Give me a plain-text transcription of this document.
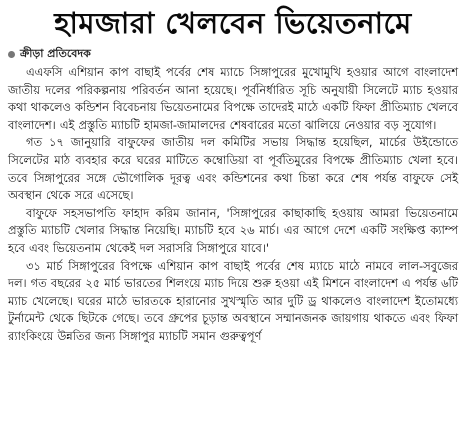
হামজারা খেলবেন ভিয়েতনামে
ক্রীড়া প্রতিবেদক

এএফসি এশিয়ান কাপ বাছাই পর্বের শেষ ম্যাচে সিঙ্গাপুরের মুখোমুখি হওয়ার আগে বাংলাদেশ জাতীয় দলের পরিকল্পনায় পরিবর্তন আনা হয়েছে। পূর্বনির্ধারিত সূচি অনুযায়ী সিলেটে ম্যাচ হওয়ার কথা থাকলেও কন্ডিশন বিবেচনায় ভিয়েতনামের বিপক্ষে তাদেরই মাঠে একটি ফিফা প্রীতিম্যাচ খেলবে বাংলাদেশ। এই প্রস্তুতি ম্যাচটি হামজা-জামালদের শেষবারের মতো ঝালিয়ে নেওয়ার বড় সুযোগ।

গত ১৭ জানুয়ারি বাফুফের জাতীয় দল কমিটির সভায় সিদ্ধান্ত হয়েছিল, মার্চের উইন্ডোতে সিলেটের মাঠ ব্যবহার করে ঘরের মাটিতে কম্বোডিয়া বা পূর্বতিমুরের বিপক্ষে প্রীতিম্যাচ খেলা হবে। তবে সিঙ্গাপুরের সঙ্গে ভৌগোলিক দূরত্ব এবং কন্ডিশনের কথা চিন্তা করে শেষ পর্যন্ত বাফুফে সেই অবস্থান থেকে সরে এসেছে।

বাফুফে সহসভাপতি ফাহাদ করিম জানান, 'সিঙ্গাপুরের কাছাকাছি হওয়ায় আমরা ভিয়েতনামে প্রস্তুতি ম্যাচটি খেলার সিদ্ধান্ত নিয়েছি। ম্যাচটি হবে ২৬ মার্চ। এর আগে দেশে একটি সংক্ষিপ্ত ক্যাম্প হবে এবং ভিয়েতনাম থেকেই দল সরাসরি সিঙ্গাপুরে যাবে।'

৩১ মার্চ সিঙ্গাপুরের বিপক্ষে এশিয়ান কাপ বাছাই পর্বের শেষ ম্যাচে মাঠে নামবে লাল-সবুজের দল। গত বছরের ২৫ মার্চ ভারতের শিলংয়ে ম্যাচ দিয়ে শুরু হওয়া এই মিশনে বাংলাদেশ এ পর্যন্ত ৬টি ম্যাচ খেলেছে। ঘরের মাঠে ভারতকে হারানোর সুখস্মৃতি আর দুটি ড্র থাকলেও বাংলাদেশ ইতোমধ্যে টুর্নামেন্ট থেকে ছিটকে গেছে। তবে গ্রুপের চূড়ান্ত অবস্থানে সম্মানজনক জায়গায় থাকতে এবং ফিফা র‍্যাংকিংয়ে উন্নতির জন্য সিঙ্গাপুর ম্যাচটি সমান গুরুত্বপূর্ণ
